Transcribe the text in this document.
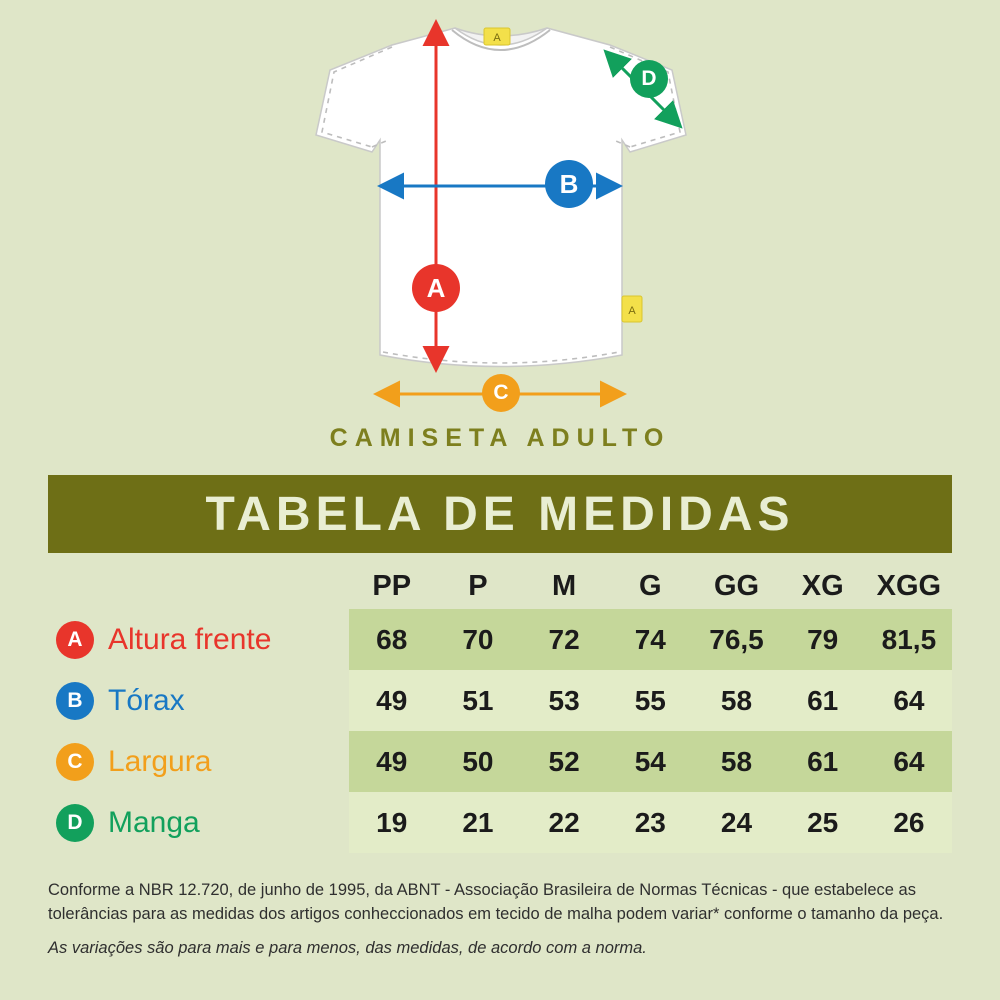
A
A
A
B
C
D
CAMISETA ADULTO
TABELA DE MEDIDAS
	PP	P	M	G	GG	XG	XGG

A Altura frente	68	70	72	74	76,5	79	81,5

B Tórax	49	51	53	55	58	61	64

C Largura	49	50	52	54	58	61	64

D Manga	19	21	22	23	24	25	26
Conforme a NBR 12.720, de junho de 1995, da ABNT - Associação Brasileira de Normas Técnicas - que estabelece as tolerâncias para as medidas dos artigos conheccionados em tecido de malha podem variar* conforme o tamanho da peça.
As variações são para mais e para menos, das medidas, de acordo com a norma.
